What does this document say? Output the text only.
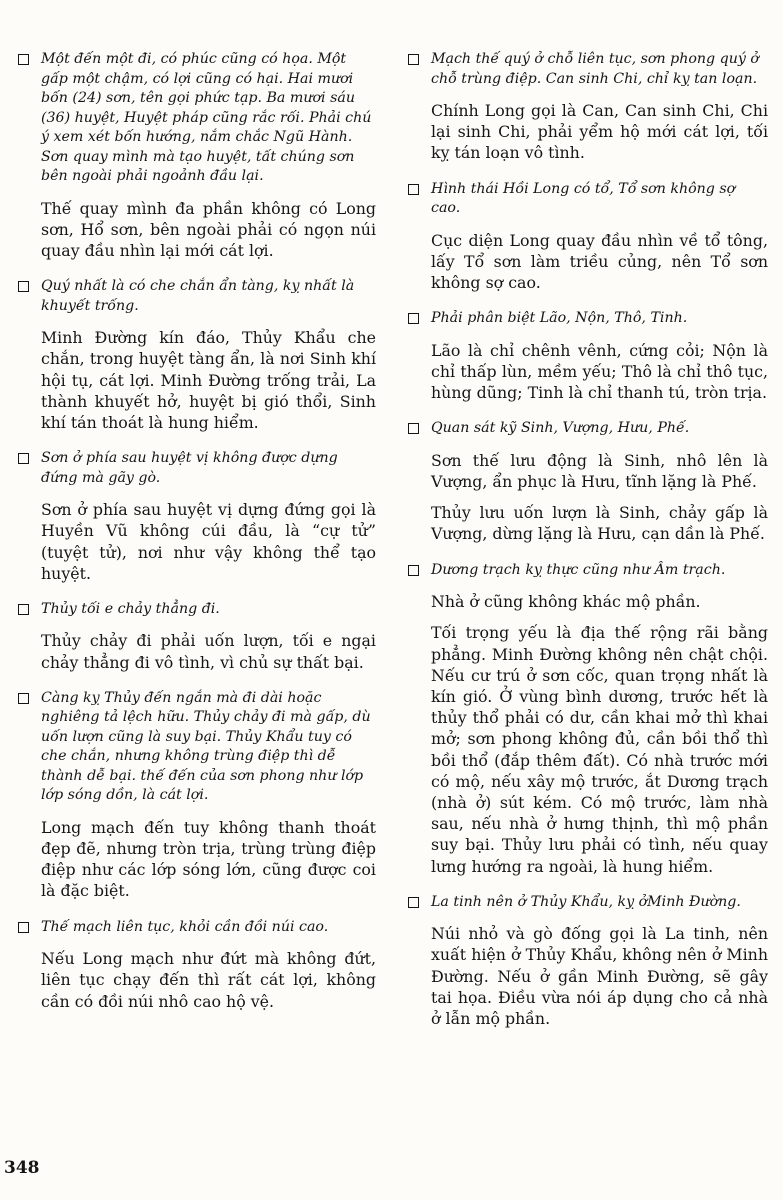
Một đến một đi, có phúc cũng có họa. Một gấp một chậm, có lợi cũng có hại. Hai mươi bốn (24) sơn, tên gọi phức tạp. Ba mươi sáu (36) huyệt, Huyệt pháp cũng rắc rối. Phải chú ý xem xét bốn hướng, nắm chắc Ngũ Hành. Sơn quay mình mà tạo huyệt, tất chúng sơn bên ngoài phải ngoảnh đầu lại.

Thế quay mình đa phần không có Long sơn, Hổ sơn, bên ngoài phải có ngọn núi quay đầu nhìn lại mới cát lợi.

Quý nhất là có che chắn ẩn tàng, kỵ nhất là khuyết trống.

Minh Đường kín đáo, Thủy Khẩu che chắn, trong huyệt tàng ẩn, là nơi Sinh khí hội tụ, cát lợi. Minh Đường trống trải, La thành khuyết hở, huyệt bị gió thổi, Sinh khí tán thoát là hung hiểm.

Sơn ở phía sau huyệt vị không được dựng đứng mà gãy gò.

Sơn ở phía sau huyệt vị dựng đứng gọi là Huyền Vũ không cúi đầu, là “cự tử” (tuyệt tử), nơi như vậy không thể tạo huyệt.

Thủy tối e chảy thẳng đi.

Thủy chảy đi phải uốn lượn, tối e ngại chảy thẳng đi vô tình, vì chủ sự thất bại.

Càng kỵ Thủy đến ngắn mà đi dài hoặc nghiêng tả lệch hữu. Thủy chảy đi mà gấp, dù uốn lượn cũng là suy bại. Thủy Khẩu tuy có che chắn, nhưng không trùng điệp thì dễ thành dễ bại. thế đến của sơn phong như lớp lớp sóng dồn, là cát lợi.

Long mạch đến tuy không thanh thoát đẹp đẽ, nhưng tròn trịa, trùng trùng điệp điệp như các lớp sóng lớn, cũng được coi là đặc biệt.

Thế mạch liên tục, khỏi cần đồi núi cao.

Nếu Long mạch như đứt mà không đứt, liên tục chạy đến thì rất cát lợi, không cần có đồi núi nhô cao hộ vệ.

Mạch thế quý ở chỗ liên tục, sơn phong quý ở chỗ trùng điệp. Can sinh Chi, chỉ kỵ tan loạn.

Chính Long gọi là Can, Can sinh Chi, Chi lại sinh Chi, phải yểm hộ mới cát lợi, tối kỵ tán loạn vô tình.

Hình thái Hồi Long có tổ, Tổ sơn không sợ cao.

Cục diện Long quay đầu nhìn về tổ tông, lấy Tổ sơn làm triều củng, nên Tổ sơn không sợ cao.

Phải phân biệt Lão, Nộn, Thô, Tinh.

Lão là chỉ chênh vênh, cứng cỏi; Nộn là chỉ thấp lùn, mềm yếu; Thô là chỉ thô tục, hùng dũng; Tinh là chỉ thanh tú, tròn trịa.

Quan sát kỹ Sinh, Vượng, Hưu, Phế.

Sơn thế lưu động là Sinh, nhô lên là Vượng, ẩn phục là Hưu, tĩnh lặng là Phế.

Thủy lưu uốn lượn là Sinh, chảy gấp là Vượng, dừng lặng là Hưu, cạn dần là Phế.

Dương trạch kỵ thực cũng như Âm trạch.

Nhà ở cũng không khác mộ phần.

Tối trọng yếu là địa thế rộng rãi bằng phẳng. Minh Đường không nên chật chội. Nếu cư trú ở sơn cốc, quan trọng nhất là kín gió. Ở vùng bình dương, trước hết là thủy thổ phải có dư, cần khai mở thì khai mở; sơn phong không đủ, cần bồi thổ thì bồi thổ (đắp thêm đất). Có nhà trước mới có mộ, nếu xây mộ trước, ắt Dương trạch (nhà ở) sút kém. Có mộ trước, làm nhà sau, nếu nhà ở hưng thịnh, thì mộ phần suy bại. Thủy lưu phải có tình, nếu quay lưng hướng ra ngoài, là hung hiểm.

La tinh nên ở Thủy Khẩu, kỵ ởMinh Đường.

Núi nhỏ và gò đống gọi là La tinh, nên xuất hiện ở Thủy Khẩu, không nên ở Minh Đường. Nếu ở gần Minh Đường, sẽ gây tai họa. Điều vừa nói áp dụng cho cả nhà ở lẫn mộ phần.

348
